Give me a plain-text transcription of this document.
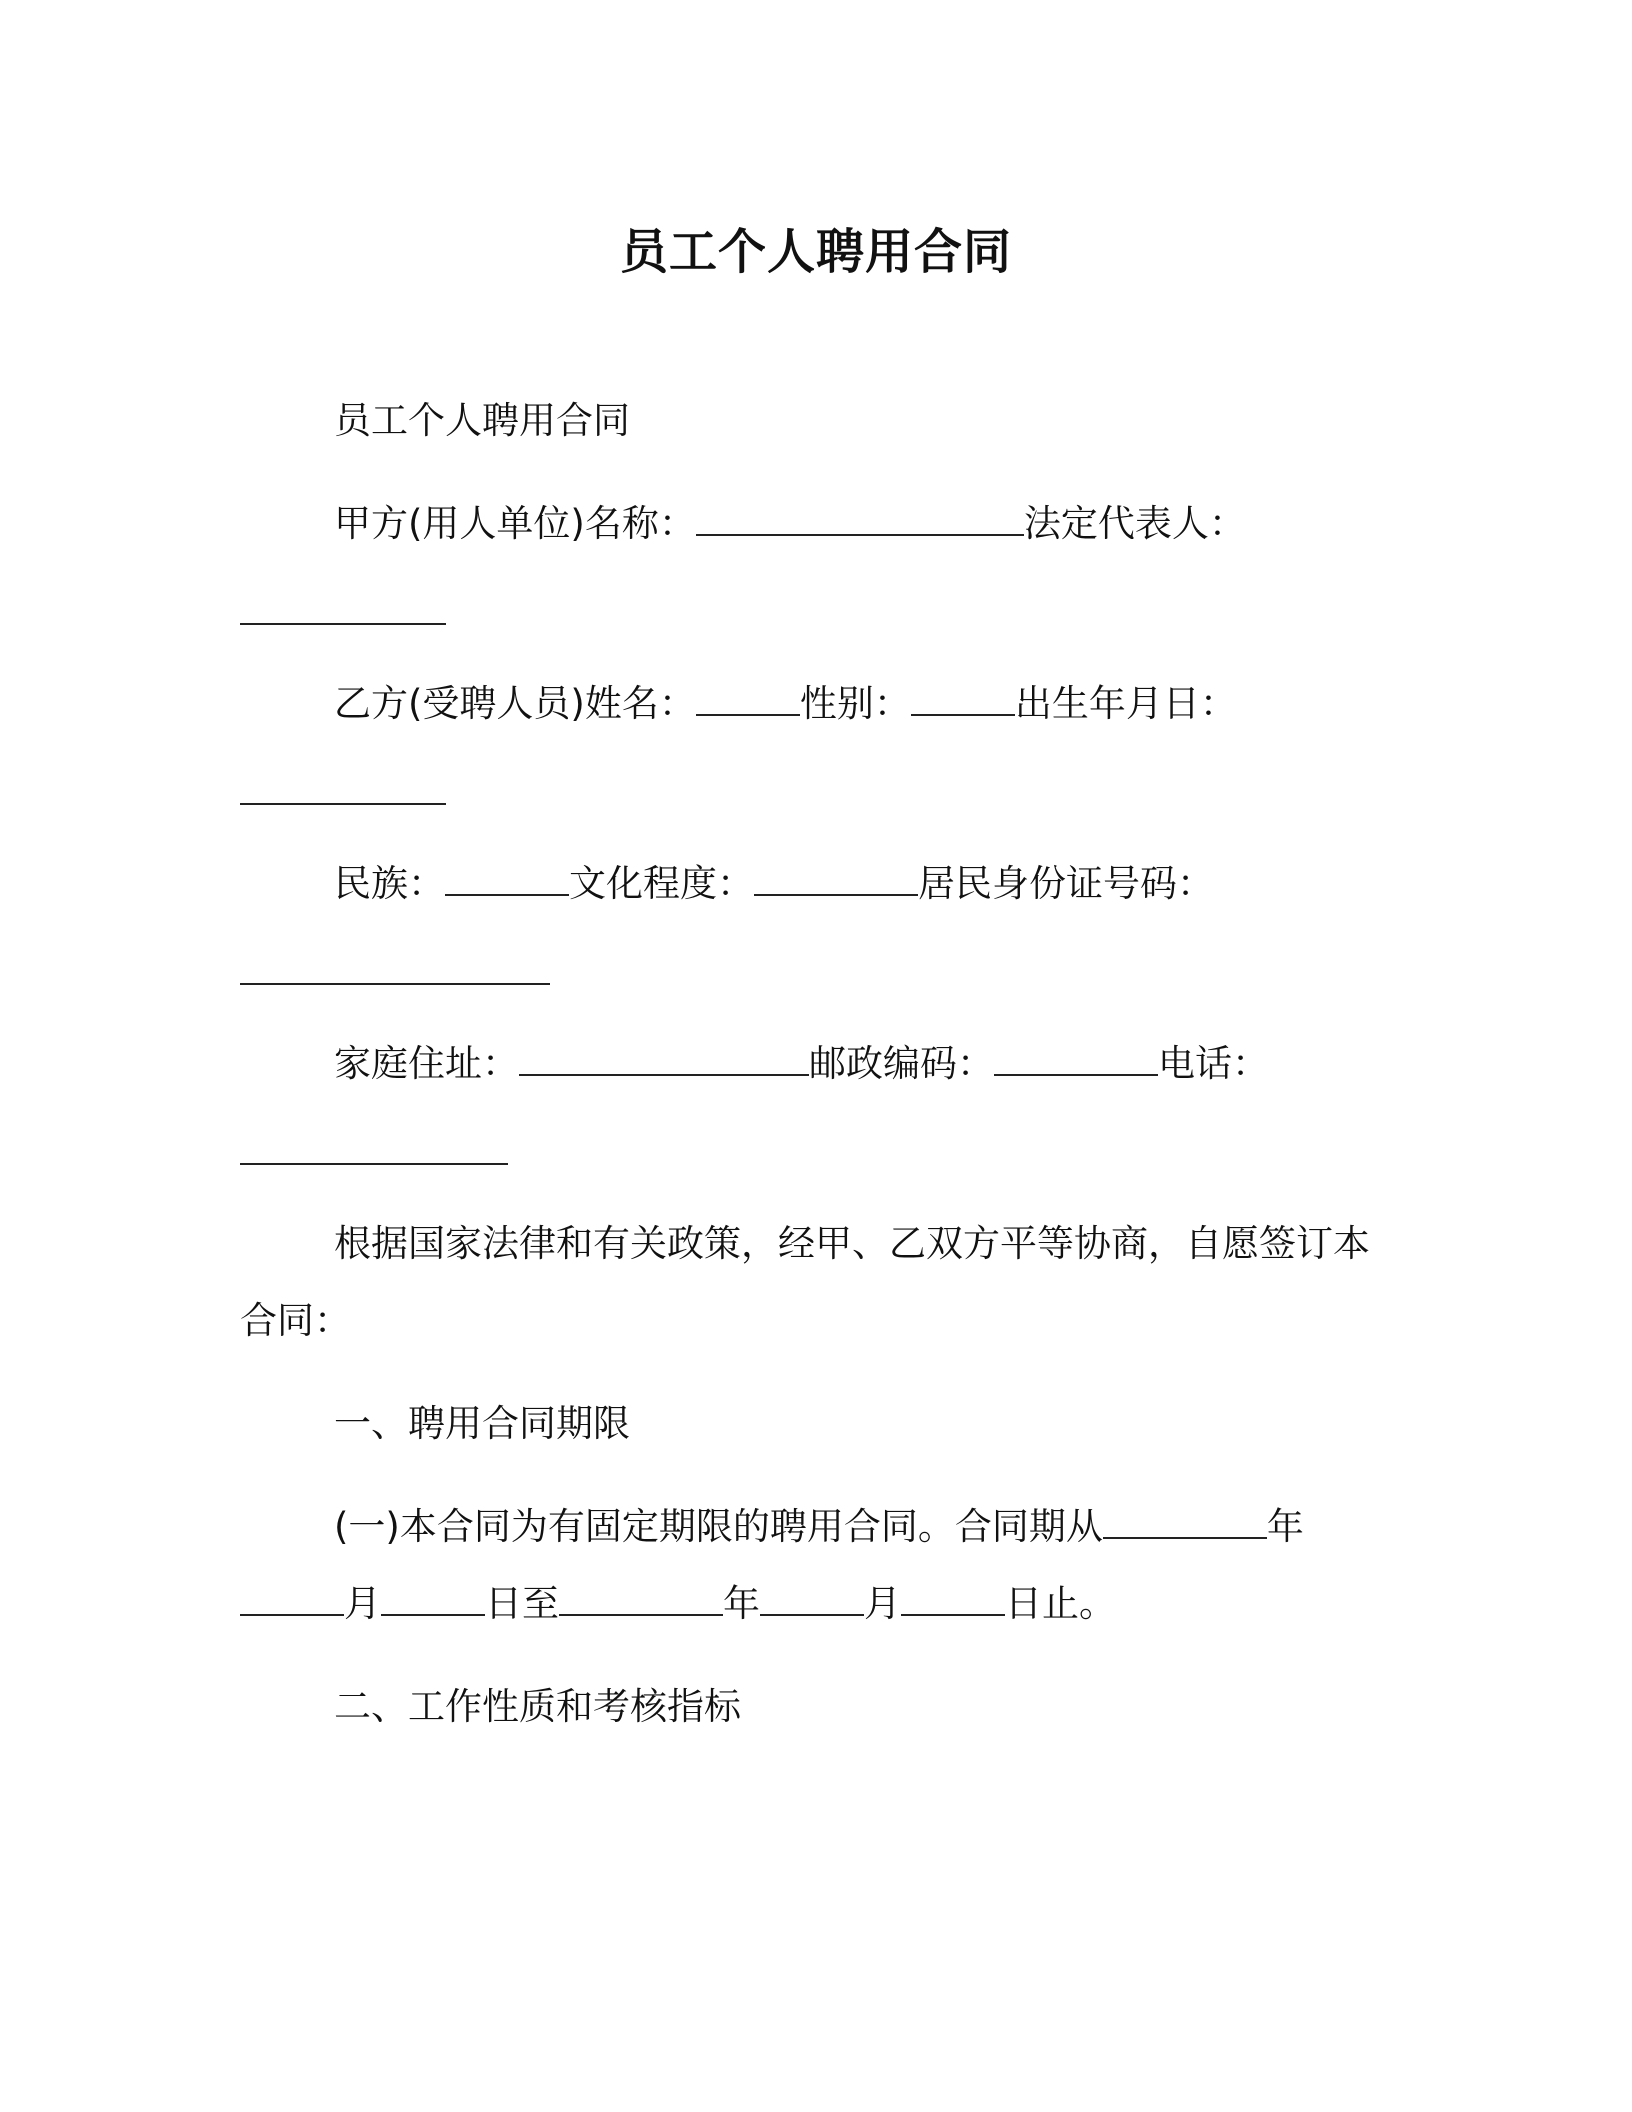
员工个人聘用合同
员工个人聘用合同
甲方(用人单位)名称：	法定代表人：
乙方(受聘人员)姓名：	性别：	出生年月日：
民族：	文化程度：	居民身份证号码：
家庭住址：	邮政编码：	电话：
根据国家法律和有关政策，经甲、乙双方平等协商，自愿签订本
合同：
一、聘用合同期限
(一)本合同为有固定期限的聘用合同。合同期从	年
月	日至	年	月	日止。
二、工作性质和考核指标
